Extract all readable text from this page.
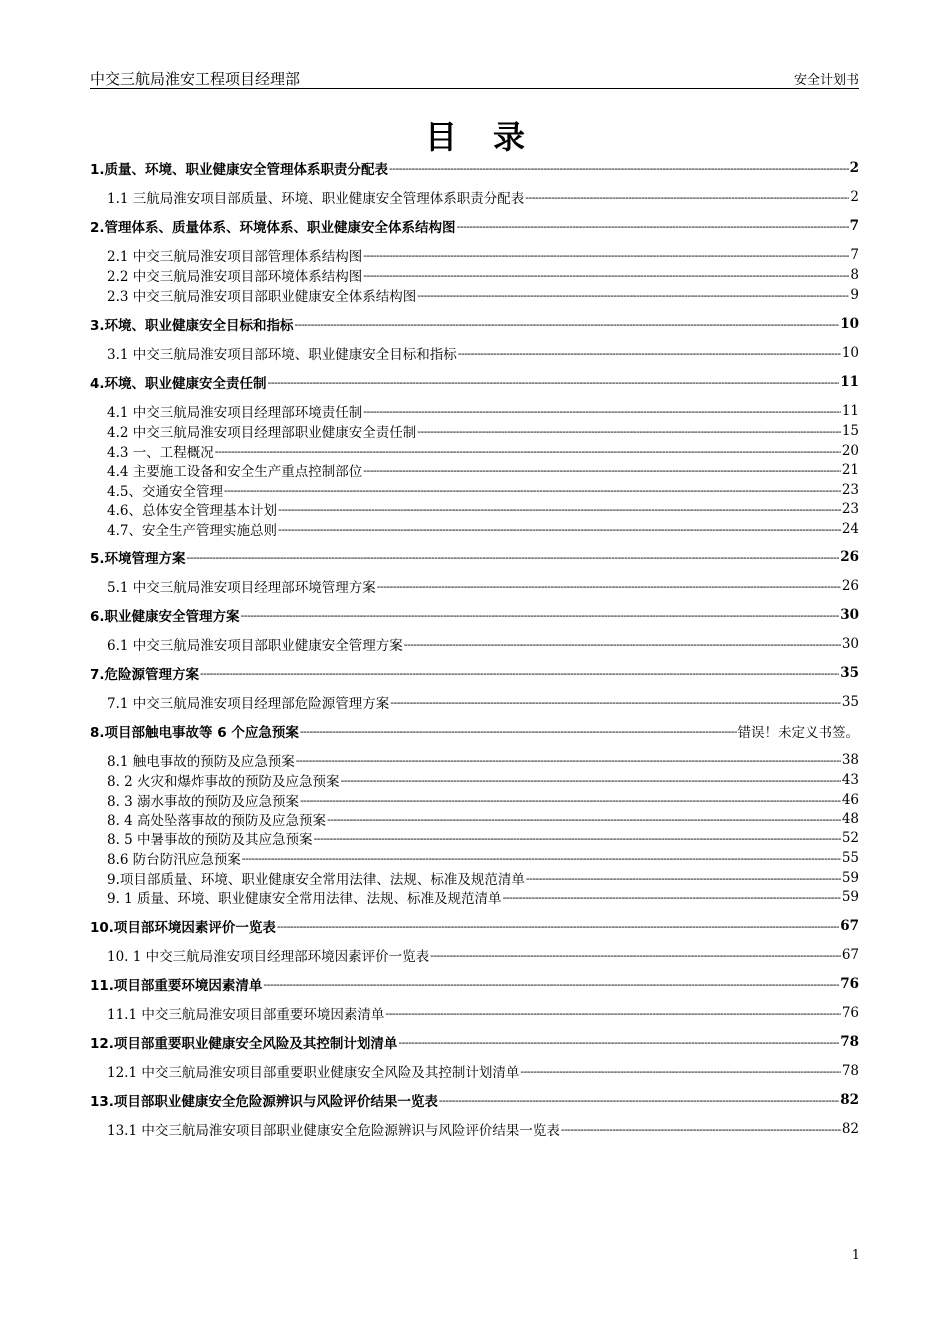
中交三航局淮安工程项目经理部	安全计划书
目录
1.质量、环境、职业健康安全管理体系职责分配表 -----	2
1.1 三航局淮安项目部质量、环境、职业健康安全管理体系职责分配表 -----	2
2.管理体系、质量体系、环境体系、职业健康安全体系结构图 -----	7
2.1 中交三航局淮安项目部管理体系结构图 -----	7
2.2 中交三航局淮安项目部环境体系结构图 -----	8
2.3 中交三航局淮安项目部职业健康安全体系结构图 -----	9
3.环境、职业健康安全目标和指标 -----	10
3.1 中交三航局淮安项目部环境、职业健康安全目标和指标 -----	10
4.环境、职业健康安全责任制 -----	11
4.1 中交三航局淮安项目经理部环境责任制 -----	11
4.2 中交三航局淮安项目经理部职业健康安全责任制 -----	15
4.3 一、工程概况 -----	20
4.4 主要施工设备和安全生产重点控制部位 -----	21
4.5、交通安全管理 -----	23
4.6、总体安全管理基本计划 -----	23
4.7、安全生产管理实施总则 -----	24
5.环境管理方案 -----	26
5.1 中交三航局淮安项目经理部环境管理方案 -----	26
6.职业健康安全管理方案 -----	30
6.1 中交三航局淮安项目部职业健康安全管理方案 -----	30
7.危险源管理方案 -----	35
7.1 中交三航局淮安项目经理部危险源管理方案 -----	35
8.项目部触电事故等 6 个应急预案 -----	错误！未定义书签。
8.1 触电事故的预防及应急预案 -----	38
8. 2 火灾和爆炸事故的预防及应急预案 -----	43
8. 3 溺水事故的预防及应急预案 -----	46
8. 4 高处坠落事故的预防及应急预案 -----	48
8. 5 中暑事故的预防及其应急预案 -----	52
8.6 防台防汛应急预案 -----	55
9.项目部质量、环境、职业健康安全常用法律、法规、标准及规范清单 -----	59
9. 1 质量、环境、职业健康安全常用法律、法规、标准及规范清单 -----	59
10.项目部环境因素评价一览表 -----	67
10. 1 中交三航局淮安项目经理部环境因素评价一览表 -----	67
11.项目部重要环境因素清单 -----	76
11.1 中交三航局淮安项目部重要环境因素清单 -----	76
12.项目部重要职业健康安全风险及其控制计划清单 -----	78
12.1 中交三航局淮安项目部重要职业健康安全风险及其控制计划清单 -----	78
13.项目部职业健康安全危险源辨识与风险评价结果一览表 -----	82
13.1 中交三航局淮安项目部职业健康安全危险源辨识与风险评价结果一览表 -----	82
1
